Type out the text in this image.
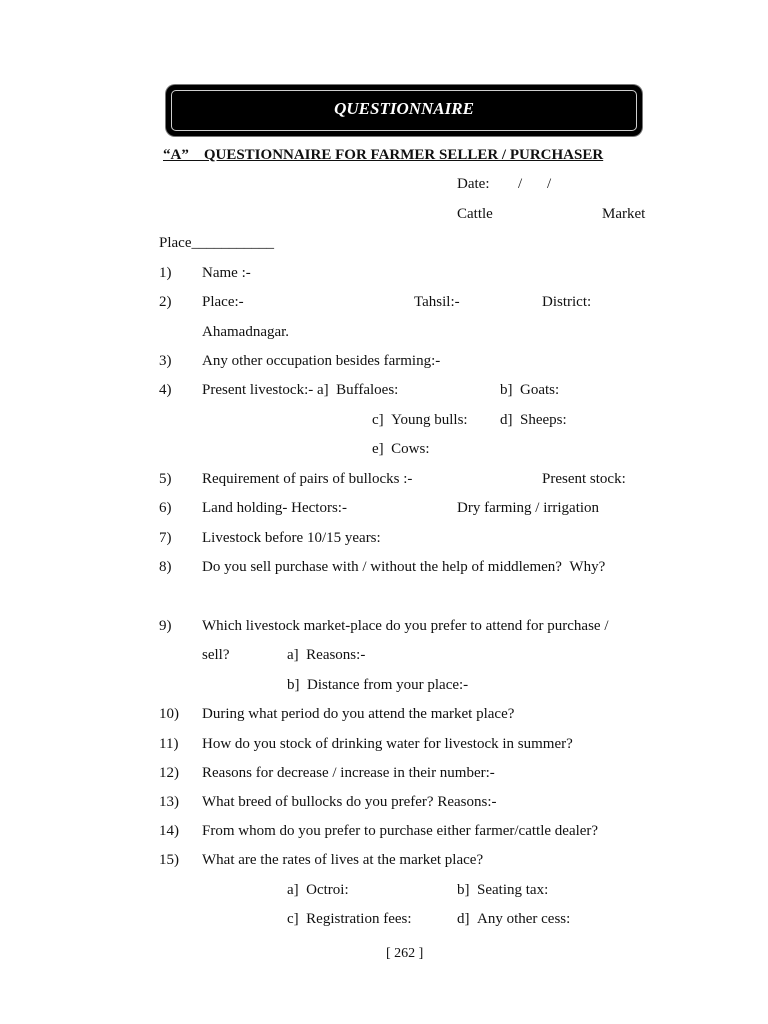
QUESTIONNAIRE
“A”    QUESTIONNAIRE FOR FARMER SELLER / PURCHASER
Date: / /
Cattle	Market
Place___________
1) Name :-
2) Place:-	Tahsil:-	District:
Ahamadnagar.
3) Any other occupation besides farming:-
4) Present livestock:- a]  Buffaloes:	b]  Goats:
c]  Young bulls: d]  Sheeps:
e]  Cows:
5) Requirement of pairs of bullocks :-	Present stock:
6) Land holding- Hectors:-	Dry farming / irrigation
7) Livestock before 10/15 years:
8) Do you sell purchase with / without the help of middlemen?  Why?
9) Which livestock market-place do you prefer to attend for purchase /
sell?	a]  Reasons:-
b]  Distance from your place:-
10) During what period do you attend the market place?
11) How do you stock of drinking water for livestock in summer?
12) Reasons for decrease / increase in their number:-
13) What breed of bullocks do you prefer? Reasons:-
14) From whom do you prefer to purchase either farmer/cattle dealer?
15) What are the rates of lives at the market place?
a]  Octroi:	b]  Seating tax:
c]  Registration fees:	d]  Any other cess:
[ 262 ]
